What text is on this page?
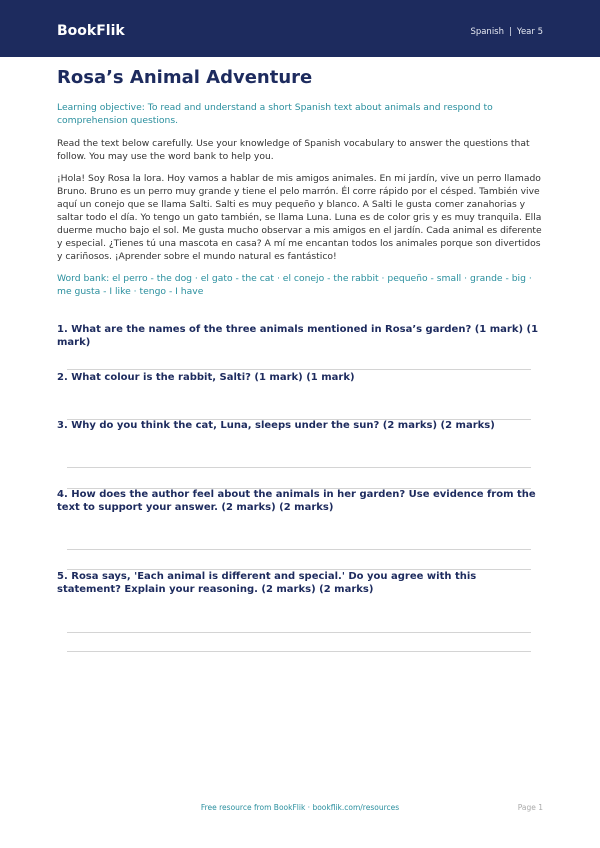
BookFlik	Spanish | Year 5
Rosa’s Animal Adventure
Learning objective: To read and understand a short Spanish text about animals and respond to comprehension questions.
Read the text below carefully. Use your knowledge of Spanish vocabulary to answer the questions that follow. You may use the word bank to help you.
¡Hola! Soy Rosa la lora. Hoy vamos a hablar de mis amigos animales. En mi jardín, vive un perro llamado Bruno. Bruno es un perro muy grande y tiene el pelo marrón. Él corre rápido por el césped. También vive aquí un conejo que se llama Salti. Salti es muy pequeño y blanco. A Salti le gusta comer zanahorias y saltar todo el día. Yo tengo un gato también, se llama Luna. Luna es de color gris y es muy tranquila. Ella duerme mucho bajo el sol. Me gusta mucho observar a mis amigos en el jardín. Cada animal es diferente y especial. ¿Tienes tú una mascota en casa? A mí me encantan todos los animales porque son divertidos y cariñosos. ¡Aprender sobre el mundo natural es fantástico!
Word bank: el perro - the dog · el gato - the cat · el conejo - the rabbit · pequeño - small · grande - big · me gusta - I like · tengo - I have
1. What are the names of the three animals mentioned in Rosa’s garden? (1 mark) (1 mark)
2. What colour is the rabbit, Salti? (1 mark) (1 mark)
3. Why do you think the cat, Luna, sleeps under the sun? (2 marks) (2 marks)
4. How does the author feel about the animals in her garden? Use evidence from the text to support your answer. (2 marks) (2 marks)
5. Rosa says, 'Each animal is different and special.' Do you agree with this statement? Explain your reasoning. (2 marks) (2 marks)
Free resource from BookFlik · bookflik.com/resources	Page 1
